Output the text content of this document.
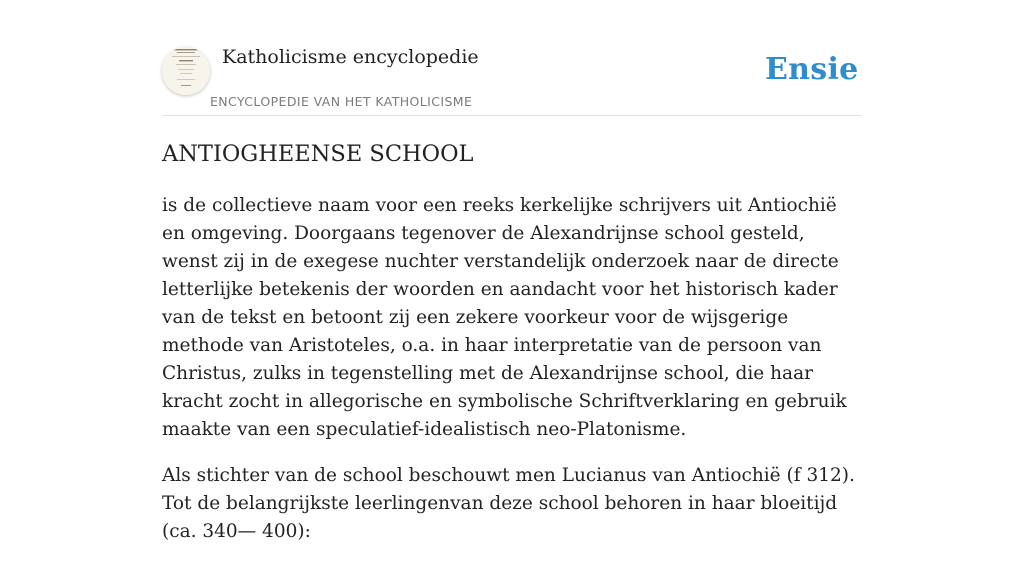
Katholicisme encyclopedie
ENCYCLOPEDIE VAN HET KATHOLICISME
Ensie
ANTIOGHEENSE SCHOOL

is de collectieve naam voor een reeks kerkelijke schrijvers uit Antiochië en omgeving. Doorgaans tegenover de Alexandrijnse school gesteld, wenst zij in de exegese nuchter verstandelijk onderzoek naar de directe letterlijke betekenis der woorden en aandacht voor het historisch kader van de tekst en betoont zij een zekere voorkeur voor de wijsgerige methode van Aristoteles, o.a. in haar interpretatie van de persoon van Christus, zulks in tegenstelling met de Alexandrijnse school, die haar kracht zocht in allegorische en symbolische Schriftverklaring en gebruik maakte van een speculatief-idealistisch neo-Platonisme.

Als stichter van de school beschouwt men Lucianus van Antiochië (f 312). Tot de belangrijkste leerlingenvan deze school behoren in haar bloeitijd (ca. 340— 400):
